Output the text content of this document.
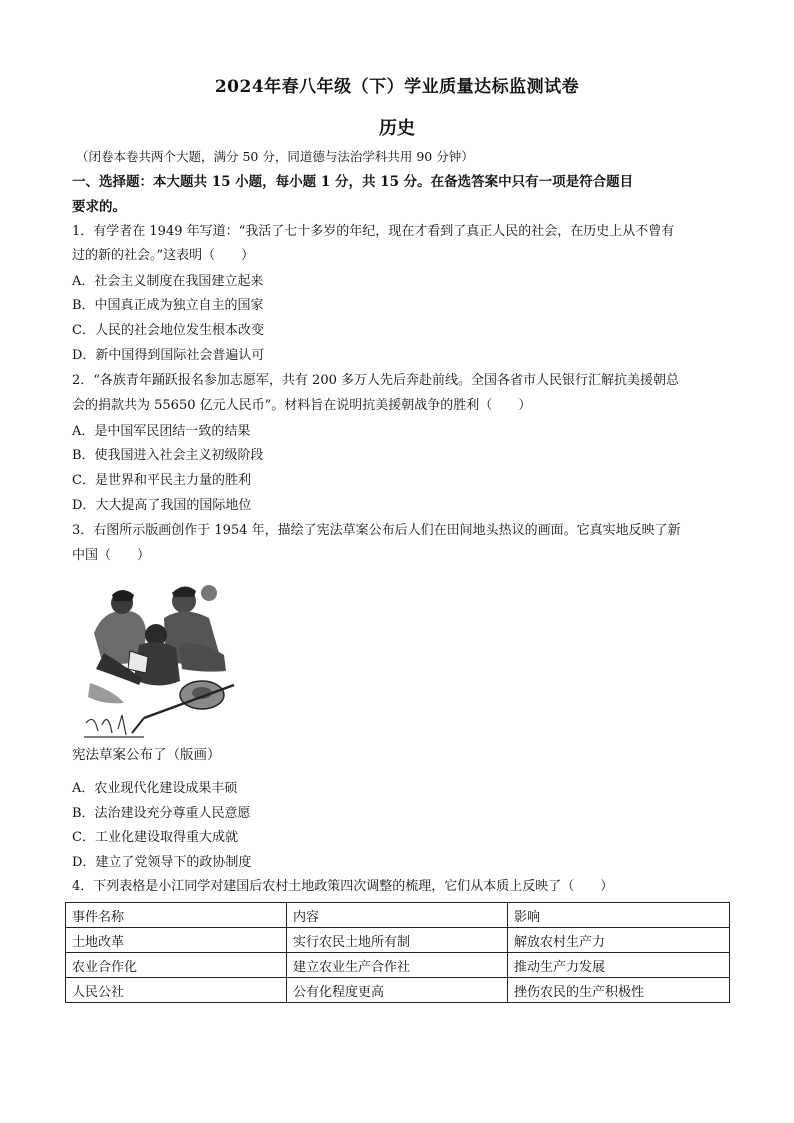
2024年春八年级（下）学业质量达标监测试卷
历史
（闭卷本卷共两个大题，满分 50 分，同道德与法治学科共用 90 分钟）
一、选择题：本大题共 15 小题，每小题 1 分，共 15 分。在备选答案中只有一项是符合题目
要求的。
1．有学者在 1949 年写道：“我活了七十多岁的年纪，现在才看到了真正人民的社会，在历史上从不曾有
过的新的社会。”这表明（　　）
A．社会主义制度在我国建立起来
B．中国真正成为独立自主的国家
C．人民的社会地位发生根本改变
D．新中国得到国际社会普遍认可
2．“各族青年踊跃报名参加志愿军，共有 200 多万人先后奔赴前线。全国各省市人民银行汇解抗美援朝总
会的捐款共为 55650 亿元人民币”。材料旨在说明抗美援朝战争的胜利（　　）
A．是中国军民团结一致的结果
B．使我国进入社会主义初级阶段
C．是世界和平民主力量的胜利
D．大大提高了我国的国际地位
3．右图所示版画创作于 1954 年，描绘了宪法草案公布后人们在田间地头热议的画面。它真实地反映了新
中国（　　）
宪法草案公布了（版画）
A．农业现代化建设成果丰硕
B．法治建设充分尊重人民意愿
C．工业化建设取得重大成就
D．建立了党领导下的政协制度
4．下列表格是小江同学对建国后农村土地政策四次调整的梳理，它们从本质上反映了（　　）
事件名称	内容	影响
土地改革	实行农民土地所有制	解放农村生产力
农业合作化	建立农业生产合作社	推动生产力发展
人民公社	公有化程度更高	挫伤农民的生产积极性
